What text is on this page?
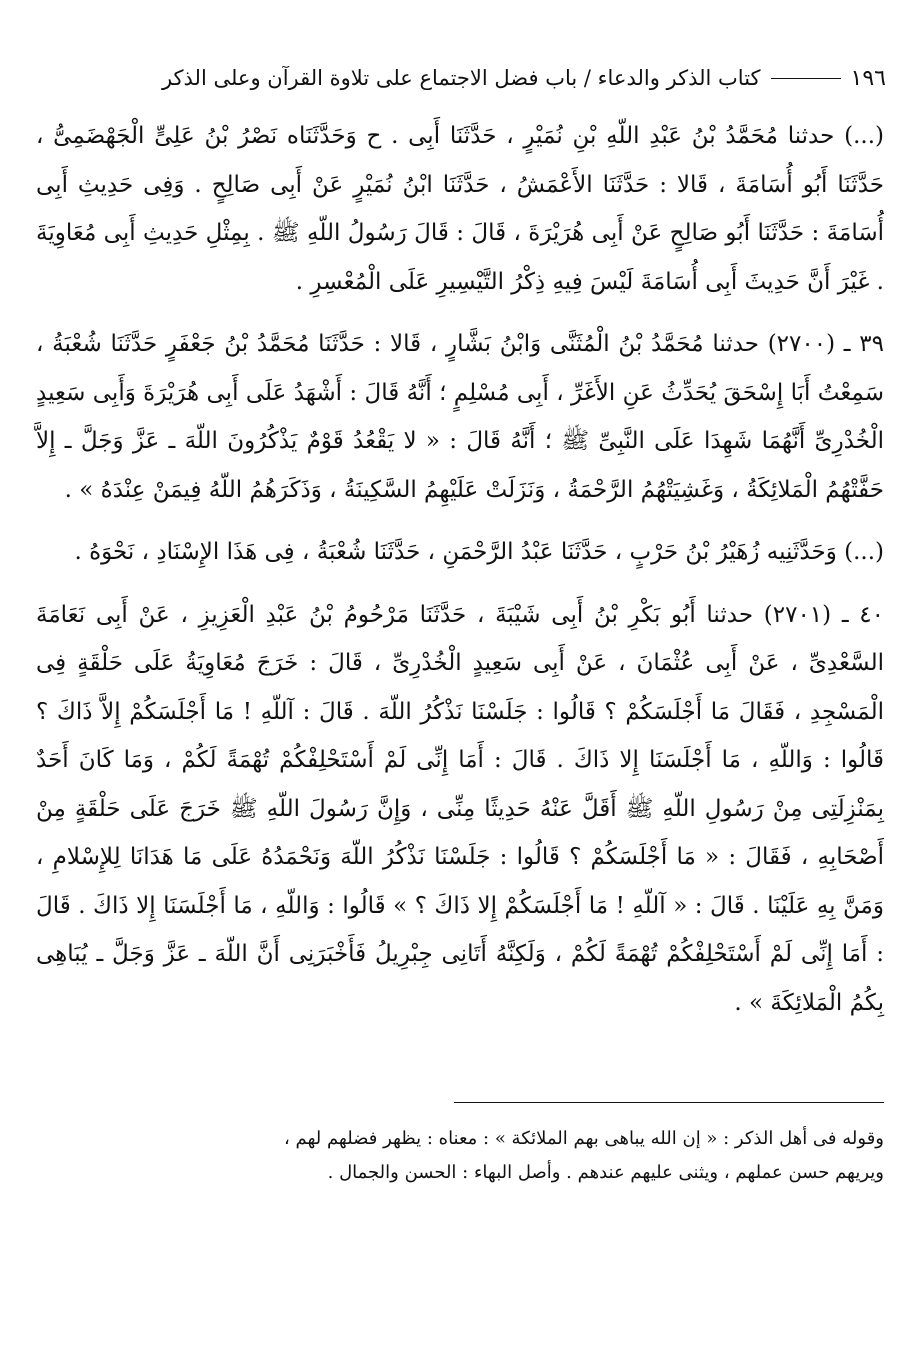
١٩٦
كتاب الذكر والدعاء / باب فضل الاجتماع على تلاوة القرآن وعلى الذكر

(...) حدثنا مُحَمَّدُ بْنُ عَبْدِ اللّهِ بْنِ نُمَيْرٍ ، حَدَّثَنَا أَبِى . ح وَحَدَّثَنَاه نَصْرُ بْنُ عَلِىٍّ الْجَهْضَمِىُّ ، حَدَّثَنَا أَبُو أُسَامَةَ ، قَالا : حَدَّثَنَا الأَعْمَشُ ، حَدَّثَنَا ابْنُ نُمَيْرٍ عَنْ أَبِى صَالِحٍ . وَفِى حَدِيثِ أَبِى أُسَامَةَ : حَدَّثَنَا أَبُو صَالِحٍ عَنْ أَبِى هُرَيْرَةَ ، قَالَ : قَالَ رَسُولُ اللّهِ ﷺ . بِمِثْلِ حَدِيثِ أَبِى مُعَاوِيَةَ . غَيْرَ أَنَّ حَدِيثَ أَبِى أُسَامَةَ لَيْسَ فِيهِ ذِكْرُ التَّيْسِيرِ عَلَى الْمُعْسِرِ .

٣٩ ـ (٢٧٠٠) حدثنا مُحَمَّدُ بْنُ الْمُثَنَّى وَابْنُ بَشَّارٍ ، قَالا : حَدَّثَنَا مُحَمَّدُ بْنُ جَعْفَرٍ حَدَّثَنَا شُعْبَةُ ، سَمِعْتُ أَبَا إِسْحَقَ يُحَدِّثُ عَنِ الأَغَرِّ ، أَبِى مُسْلِمٍ ؛ أَنَّهُ قَالَ : أَشْهَدُ عَلَى أَبِى هُرَيْرَةَ وَأَبِى سَعِيدٍ الْخُدْرِىِّ أَنَّهُمَا شَهِدَا عَلَى النَّبِىِّ ﷺ ؛ أَنَّهُ قَالَ : « لا يَقْعُدُ قَوْمٌ يَذْكُرُونَ اللّهَ ـ عَزَّ وَجَلَّ ـ إِلاَّ حَفَّتْهُمُ الْمَلائِكَةُ ، وَغَشِيَتْهُمُ الرَّحْمَةُ ، وَنَزَلَتْ عَلَيْهِمُ السَّكِينَةُ ، وَذَكَرَهُمُ اللّهُ فِيمَنْ عِنْدَهُ » .

(...) وَحَدَّثَنِيه زُهَيْرُ بْنُ حَرْبٍ ، حَدَّثَنَا عَبْدُ الرَّحْمَنِ ، حَدَّثَنَا شُعْبَةُ ، فِى هَذَا الإِسْنَادِ ، نَحْوَهُ .

٤٠ ـ (٢٧٠١) حدثنا أَبُو بَكْرِ بْنُ أَبِى شَيْبَةَ ، حَدَّثَنَا مَرْحُومُ بْنُ عَبْدِ الْعَزِيزِ ، عَنْ أَبِى نَعَامَةَ السَّعْدِىِّ ، عَنْ أَبِى عُثْمَانَ ، عَنْ أَبِى سَعِيدٍ الْخُدْرِىِّ ، قَالَ : خَرَجَ مُعَاوِيَةُ عَلَى حَلْقَةٍ فِى الْمَسْجِدِ ، فَقَالَ مَا أَجْلَسَكُمْ ؟ قَالُوا : جَلَسْنَا نَذْكُرُ اللّهَ . قَالَ : آللّهِ ! مَا أَجْلَسَكُمْ إِلاَّ ذَاكَ ؟ قَالُوا : وَاللّهِ ، مَا أَجْلَسَنَا إِلا ذَاكَ . قَالَ : أَمَا إِنِّى لَمْ أَسْتَحْلِفْكُمْ تُهْمَةً لَكُمْ ، وَمَا كَانَ أَحَدٌ بِمَنْزِلَتِى مِنْ رَسُولِ اللّهِ ﷺ أَقَلَّ عَنْهُ حَدِيثًا مِنِّى ، وَإِنَّ رَسُولَ اللّهِ ﷺ خَرَجَ عَلَى حَلْقَةٍ مِنْ أَصْحَابِهِ ، فَقَالَ : « مَا أَجْلَسَكُمْ ؟ قَالُوا : جَلَسْنَا نَذْكُرُ اللّهَ وَنَحْمَدُهُ عَلَى مَا هَدَانَا لِلإِسْلامِ ، وَمَنَّ بِهِ عَلَيْنَا . قَالَ : « آللّهِ ! مَا أَجْلَسَكُمْ إِلا ذَاكَ ؟ » قَالُوا : وَاللّهِ ، مَا أَجْلَسَنَا إِلا ذَاكَ . قَالَ : أَمَا إِنِّى لَمْ أَسْتَحْلِفْكُمْ تُهْمَةً لَكُمْ ، وَلَكِنَّهُ أَتَانِى جِبْرِيلُ فَأَخْبَرَنِى أَنَّ اللّهَ ـ عَزَّ وَجَلَّ ـ يُبَاهِى بِكُمُ الْمَلائِكَةَ » .

وقوله فى أهل الذكر : « إن الله يباهى بهم الملائكة » : معناه : يظهر فضلهم لهم ،

ويريهم حسن عملهم ، ويثنى عليهم عندهم . وأصل البهاء : الحسن والجمال .
